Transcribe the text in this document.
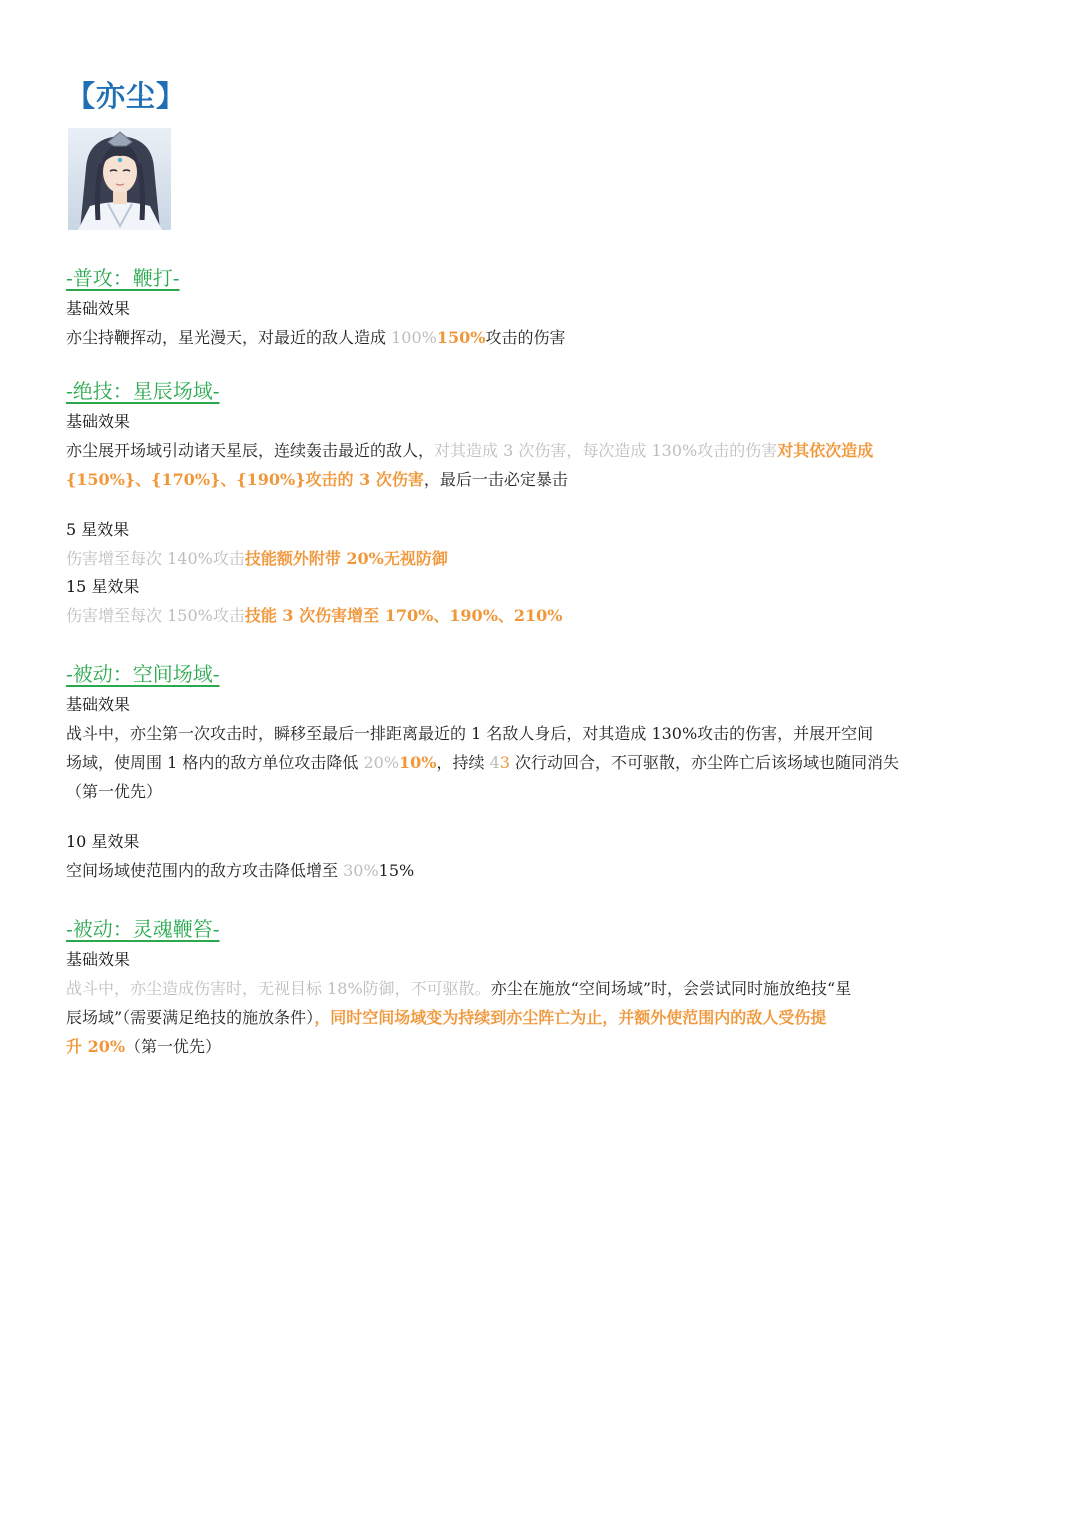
【亦尘】
-普攻：鞭打-
基础效果
亦尘持鞭挥动，星光漫天，对最近的敌人造成 100%150%攻击的伤害
-绝技：星辰场域-
基础效果
亦尘展开场域引动诸天星辰，连续轰击最近的敌人，对其造成 3 次伤害，每次造成 130%攻击的伤害对其依次造成
{150%}、{170%}、{190%}攻击的 3 次伤害，最后一击必定暴击
5 星效果
伤害增至每次 140%攻击技能额外附带 20%无视防御
15 星效果
伤害增至每次 150%攻击技能 3 次伤害增至 170%、190%、210%
-被动：空间场域-
基础效果
战斗中，亦尘第一次攻击时，瞬移至最后一排距离最近的 1 名敌人身后，对其造成 130%攻击的伤害，并展开空间
场域，使周围 1 格内的敌方单位攻击降低 20%10%，持续 43 次行动回合，不可驱散，亦尘阵亡后该场域也随同消失
（第一优先）
10 星效果
空间场域使范围内的敌方攻击降低增至 30%15%
-被动：灵魂鞭笞-
基础效果
战斗中，亦尘造成伤害时，无视目标 18%防御，不可驱散。亦尘在施放“空间场域”时，会尝试同时施放绝技“星
辰场域”（需要满足绝技的施放条件），同时空间场域变为持续到亦尘阵亡为止，并额外使范围内的敌人受伤提
升 20%（第一优先）
